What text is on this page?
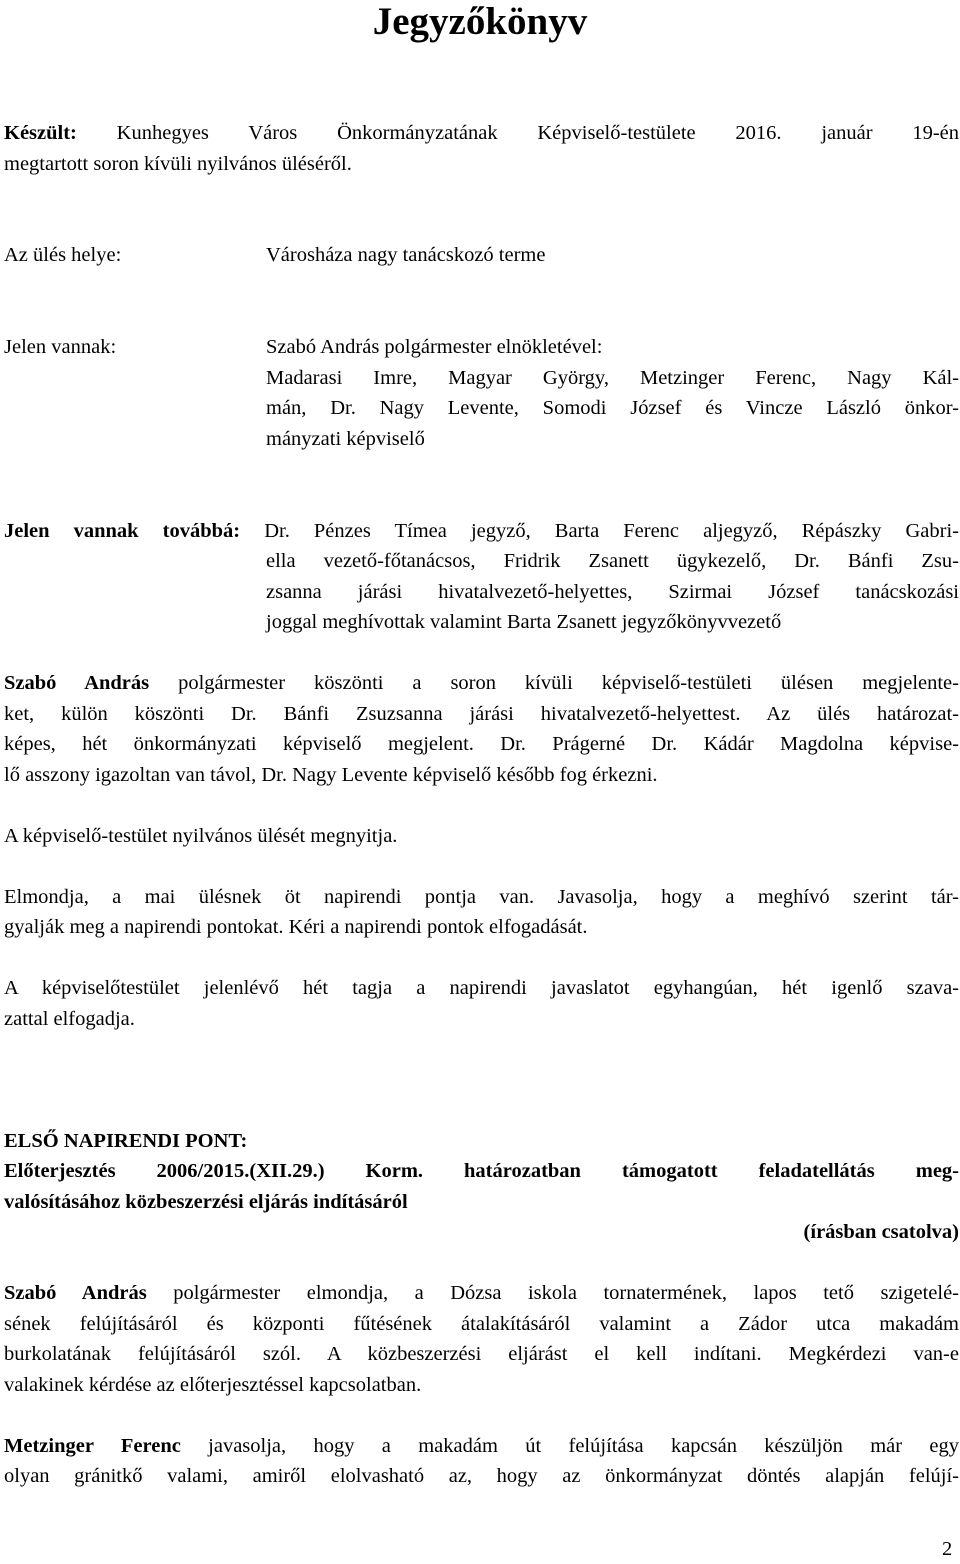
Jegyzőkönyv
Készült: Kunhegyes Város Önkormányzatának Képviselő-testülete 2016. január 19-én
megtartott soron kívüli nyilvános üléséről.
Az ülés helye:	Városháza nagy tanácskozó terme
Jelen vannak:	Szabó András polgármester elnökletével:
Madarasi Imre, Magyar György, Metzinger Ferenc, Nagy Kál-
mán, Dr. Nagy Levente, Somodi József és Vincze László önkor-
mányzati képviselő
Jelen vannak továbbá: Dr. Pénzes Tímea jegyző, Barta Ferenc aljegyző, Répászky Gabri-
ella vezető-főtanácsos, Fridrik Zsanett ügykezelő, Dr. Bánfi Zsu-
zsanna járási hivatalvezető-helyettes, Szirmai József tanácskozási
joggal meghívottak valamint Barta Zsanett jegyzőkönyvvezető
Szabó András polgármester köszönti a soron kívüli képviselő-testületi ülésen megjelente-
ket, külön köszönti Dr. Bánfi Zsuzsanna járási hivatalvezető-helyettest. Az ülés határozat-
képes, hét önkormányzati képviselő megjelent. Dr. Prágerné Dr. Kádár Magdolna képvise-
lő asszony igazoltan van távol, Dr. Nagy Levente képviselő később fog érkezni.
A képviselő-testület nyilvános ülését megnyitja.
Elmondja, a mai ülésnek öt napirendi pontja van. Javasolja, hogy a meghívó szerint tár-
gyalják meg a napirendi pontokat. Kéri a napirendi pontok elfogadását.
A képviselőtestület jelenlévő hét tagja a napirendi javaslatot egyhangúan, hét igenlő szava-
zattal elfogadja.
ELSŐ NAPIRENDI PONT:
Előterjesztés 2006/2015.(XII.29.) Korm. határozatban támogatott feladatellátás meg-
valósításához közbeszerzési eljárás indításáról
(írásban csatolva)
Szabó András polgármester elmondja, a Dózsa iskola tornatermének, lapos tető szigetelé-
sének felújításáról és központi fűtésének átalakításáról valamint a Zádor utca makadám
burkolatának felújításáról szól. A közbeszerzési eljárást el kell indítani. Megkérdezi van-e
valakinek kérdése az előterjesztéssel kapcsolatban.
Metzinger Ferenc javasolja, hogy a makadám út felújítása kapcsán készüljön már egy
olyan gránitkő valami, amiről elolvasható az, hogy az önkormányzat döntés alapján felújí-
2
